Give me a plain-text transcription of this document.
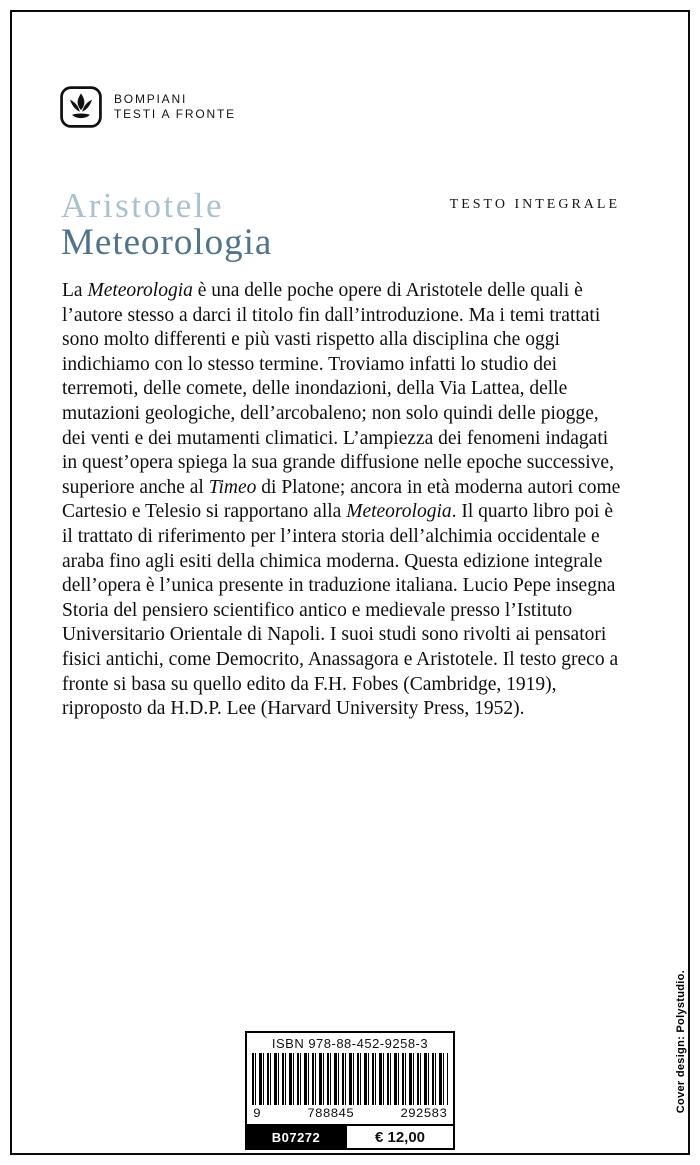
BOMPIANI
TESTI A FRONTE
TESTO INTEGRALE
Aristotele
Meteorologia

La Meteorologia è una delle poche opere di Aristotele delle quali è l’autore stesso a darci il titolo fin dall’introduzione. Ma i temi trattati sono molto differenti e più vasti rispetto alla disciplina che oggi indichiamo con lo stesso termine. Troviamo infatti lo studio dei terremoti, delle comete, delle inondazioni, della Via Lattea, delle mutazioni geologiche, dell’arcobaleno; non solo quindi delle piogge, dei venti e dei mutamenti climatici. L’ampiezza dei fenomeni indagati in quest’opera spiega la sua grande diffusione nelle epoche successive, superiore anche al Timeo di Platone; ancora in età moderna autori come Cartesio e Telesio si rapportano alla Meteorologia. Il quarto libro poi è il trattato di riferimento per l’intera storia dell’alchimia occidentale e araba fino agli esiti della chimica moderna. Questa edizione integrale dell’opera è l’unica presente in traduzione italiana. Lucio Pepe insegna Storia del pensiero scientifico antico e medievale presso l’Istituto Universitario Orientale di Napoli. I suoi studi sono rivolti ai pensatori fisici antichi, come Democrito, Anassagora e Aristotele. Il testo greco a fronte si basa su quello edito da F.H. Fobes (Cambridge, 1919), riproposto da H.D.P. Lee (Harvard University Press, 1952).

ISBN 978-88-452-9258-3
9	788845	292583
B07272	€ 12,00
Cover design: Polystudio.
